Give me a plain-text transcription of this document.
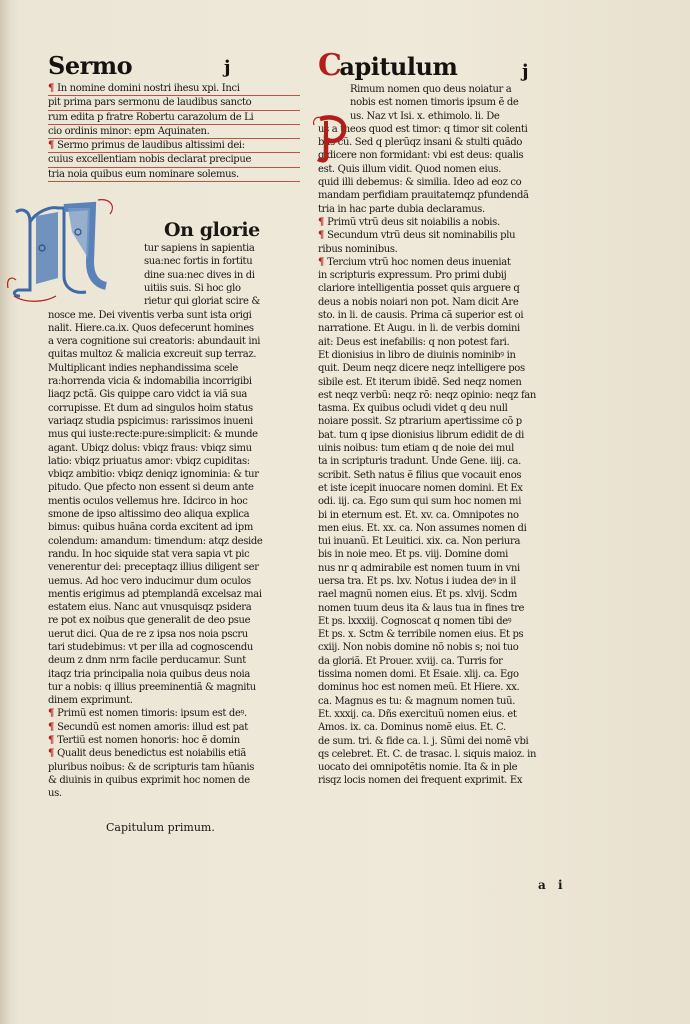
Sermo	j
¶ In nomine domini nostri ihesu xpi. Inci
pit prima pars sermonu de laudibus sancto
rum edita p fratre Robertu carazolum de Li
cio ordinis minor: epm Aquinaten.
¶ Sermo primus de laudibus altissimi dei:
cuius excellentiam nobis declarat precipue
tria noia quibus eum nominare solemus.
On glorie
tur sapiens in sapientia
sua:nec fortis in fortitu
dine sua:nec dives in di
uitiis suis. Si hoc glo
rietur qui gloriat scire &
nosce me. Dei viventis verba sunt ista origi
nalit. Hiere.ca.ix. Quos defecerunt homines
a vera cognitione sui creatoris: abundauit ini
quitas multoz & malicia excreuit sup terraz.
Multiplicant indies nephandissima scele
ra:horrenda vicia & indomabilia incorrigibi
liaqz pctã. Gis quippe caro vidct ia viã sua
corrupisse. Et dum ad singulos hoim status
variaqz studia pspicimus: rarissimos inueni
mus qui iuste:recte:pure:simplicit: & munde
agant. Ubiqz dolus: vbiqz fraus: vbiqz simu
latio: vbiqz priuatus amor: vbiqz cupiditas:
vbiqz ambitio: vbiqz deniqz ignominia: & tur
pitudo. Que pfecto non essent si deum ante
mentis oculos vellemus hre. Idcirco in hoc
smone de ipso altissimo deo aliqua explica
bimus: quibus huãna corda excitent ad ipm
colendum: amandum: timendum: atqz deside
randu. In hoc siquide stat vera sapia vt pic
venerentur dei: preceptaqz illius diligent ser
uemus. Ad hoc vero inducimur dum oculos
mentis erigimus ad ptemplandã excelsaz mai
estatem eius. Nanc aut vnusquisqz psidera
re pot ex noibus que generalit de deo psue
uerut dici. Qua de re z ipsa nos noia pscru
tari studebimus: vt per illa ad cognoscendu
deum z dnm nrm facile perducamur. Sunt
itaqz tria principalia noia quibus deus noia
tur a nobis: q illius preeminentiã & magnitu
dinem exprimunt.
¶ Primũ est nomen timoris: ipsum est deꝰ.
¶ Secundũ est nomen amoris: illud est pat
¶ Tertiũ est nomen honoris: hoc ẽ domin
¶ Qualit deus benedictus est noiabilis etiã
pluribus noibus: & de scripturis tam hũanis
& diuinis in quibus exprimit hoc nomen de
us.
Capitulum primum.
Capitulum	j
Rimum nomen quo deus noiatur a
nobis est nomen timoris ipsum ẽ de
us. Naz vt Isi. x. ethimolo. li. De
us a theos quod est timor: q timor sit colenti
bus cũ. Sed q plerũqz insani & stulti quãdo
q dicere non formidant: vbi est deus: qualis
est. Quis illum vidit. Quod nomen eius.
quid illi debemus: & similia. Ideo ad eoz co
mandam perfidiam prauitatemqz pfundendã
tria in hac parte dubia declaramus.
¶ Primũ vtrũ deus sit noiabilis a nobis.
¶ Secundum vtrũ deus sit nominabilis plu
ribus nominibus.
¶ Tercium vtrũ hoc nomen deus inueniat
in scripturis expressum. Pro primi dubij
clariore intelligentia posset quis arguere q
deus a nobis noiari non pot. Nam dicit Are
sto. in li. de causis. Prima cã superior est oi
narratione. Et Augu. in li. de verbis domini
ait: Deus est inefabilis: q non potest fari.
Et dionisius in libro de diuinis nominibꝰ in
quit. Deum neqz dicere neqz intelligere pos
sibile est. Et iterum ibidẽ. Sed neqz nomen
est neqz verbũ: neqz rõ: neqz opinio: neqz fan
tasma. Ex quibus ocludi videt q deu null
noiare possit. Sz ptrarium apertissime cõ p
bat. tum q ipse dionisius librum edidit de di
uinis noibus: tum etiam q de noie dei mul
ta in scripturis tradunt. Unde Gene. iiij. ca.
scribit. Seth natus ẽ filius que vocauit enos
et iste icepit inuocare nomen domini. Et Ex
odi. iij. ca. Ego sum qui sum hoc nomen mi
bi in eternum est. Et. xv. ca. Omnipotes no
men eius. Et. xx. ca. Non assumes nomen di
tui inuanũ. Et Leuitici. xix. ca. Non periura
bis in noie meo. Et ps. viij. Domine domi
nus nr q admirabile est nomen tuum in vni
uersa tra. Et ps. lxv. Notus i iudea deꝰ in il
rael magnũ nomen eius. Et ps. xlvij. Scdm
nomen tuum deus ita & laus tua in fines tre
Et ps. lxxxiij. Cognoscat q nomen tibi deꝰ
Et ps. x. Sctm & terribile nomen eius. Et ps
cxiij. Non nobis domine nõ nobis s; noi tuo
da gloriã. Et Prouer. xviij. ca. Turris for
tissima nomen domi. Et Esaie. xlij. ca. Ego
dominus hoc est nomen meũ. Et Hiere. xx.
ca. Magnus es tu: & magnum nomen tuũ.
Et. xxxij. ca. Dñs exercituũ nomen eius. et
Amos. ix. ca. Dominus nomẽ eius. Et. C.
de sum. tri. & fide ca. l. j. Sũmi dei nomẽ vbi
qs celebret. Et. C. de trasac. l. siquis maioz. in
uocato dei omnipotẽtis nomie. Ita & in ple
risqz locis nomen dei frequent exprimit. Ex
a i
